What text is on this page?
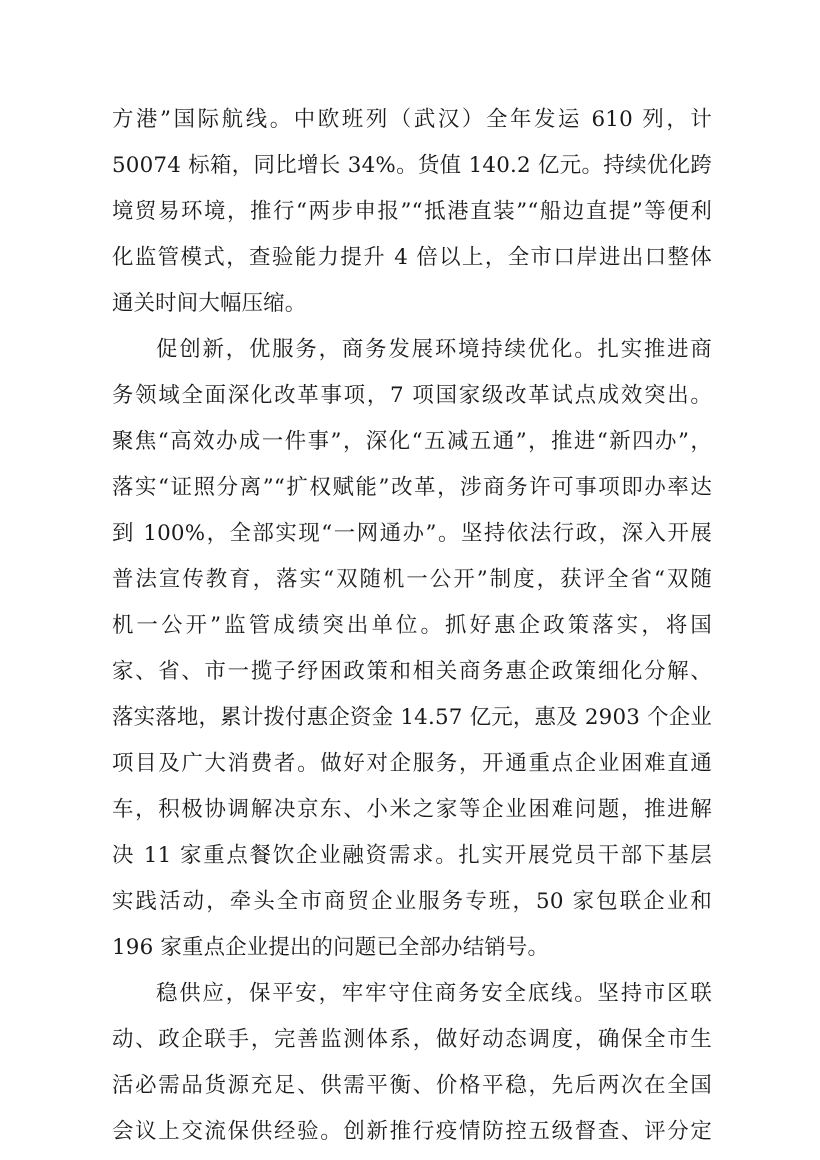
方港”国际航线。中欧班列（武汉）全年发运 610 列，计
50074 标箱，同比增长 34%。货值 140.2 亿元。持续优化跨
境贸易环境，推行“两步申报”“抵港直装”“船边直提”等便利
化监管模式，查验能力提升 4 倍以上，全市口岸进出口整体
通关时间大幅压缩。
促创新，优服务，商务发展环境持续优化。扎实推进商
务领域全面深化改革事项，7 项国家级改革试点成效突出。
聚焦“高效办成一件事”，深化“五减五通”，推进“新四办”，
落实“证照分离”“扩权赋能”改革，涉商务许可事项即办率达
到 100%，全部实现“一网通办”。坚持依法行政，深入开展
普法宣传教育，落实“双随机一公开”制度，获评全省“双随
机一公开”监管成绩突出单位。抓好惠企政策落实，将国
家、省、市一揽子纾困政策和相关商务惠企政策细化分解、
落实落地，累计拨付惠企资金 14.57 亿元，惠及 2903 个企业
项目及广大消费者。做好对企服务，开通重点企业困难直通
车，积极协调解决京东、小米之家等企业困难问题，推进解
决 11 家重点餐饮企业融资需求。扎实开展党员干部下基层
实践活动，牵头全市商贸企业服务专班，50 家包联企业和
196 家重点企业提出的问题已全部办结销号。
稳供应，保平安，牢牢守住商务安全底线。坚持市区联
动、政企联手，完善监测体系，做好动态调度，确保全市生
活必需品货源充足、供需平衡、价格平稳，先后两次在全国
会议上交流保供经验。创新推行疫情防控五级督查、评分定
